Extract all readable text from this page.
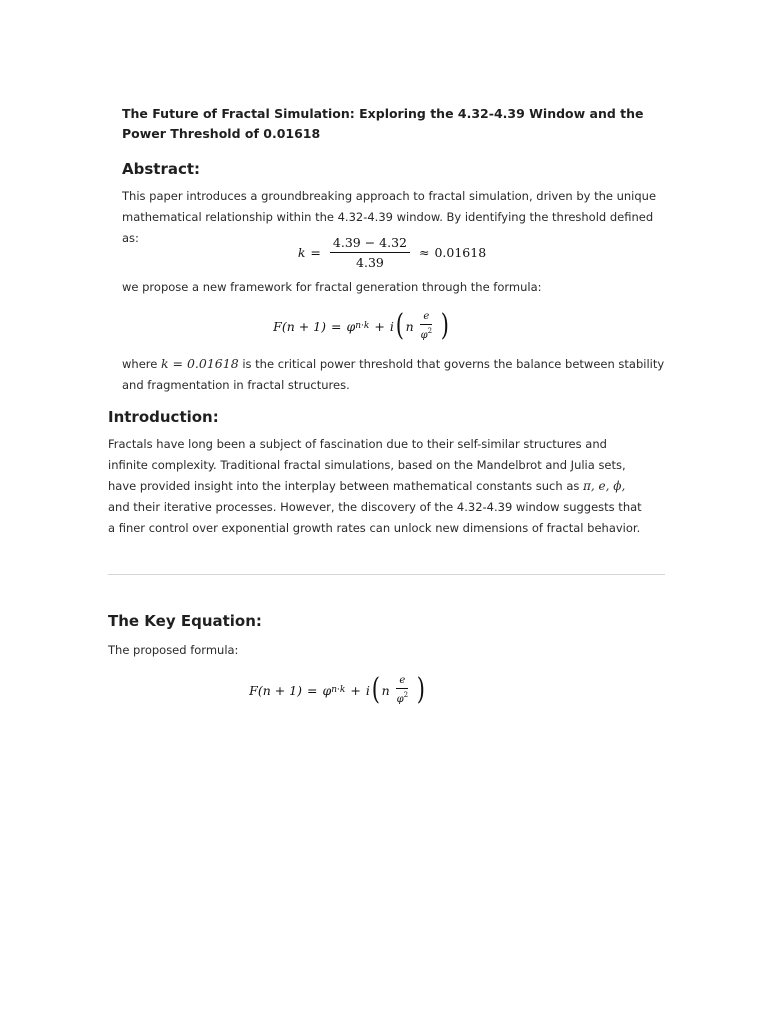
The Future of Fractal Simulation: Exploring the 4.32-4.39 Window and the Power Threshold of 0.01618
Abstract:
This paper introduces a groundbreaking approach to fractal simulation, driven by the unique mathematical relationship within the 4.32-4.39 window. By identifying the threshold defined as:
$k = \frac{4.39 - 4.32}{4.39} \approx 0.01618$
we propose a new framework for fractal generation through the formula:
F(n + 1) = φ n·k + i ( n $\frac{e}{\varphi^2}$ )
where k = 0.01618 is the critical power threshold that governs the balance between stability and fragmentation in fractal structures.
Introduction:
Fractals have long been a subject of fascination due to their self-similar structures and infinite complexity. Traditional fractal simulations, based on the Mandelbrot and Julia sets, have provided insight into the interplay between mathematical constants such as π, e, ϕ, and their iterative processes. However, the discovery of the 4.32-4.39 window suggests that a finer control over exponential growth rates can unlock new dimensions of fractal behavior.
The Key Equation:
The proposed formula:
F(n + 1) = φ n·k + i ( n $\frac{e}{\varphi^2}$ )
